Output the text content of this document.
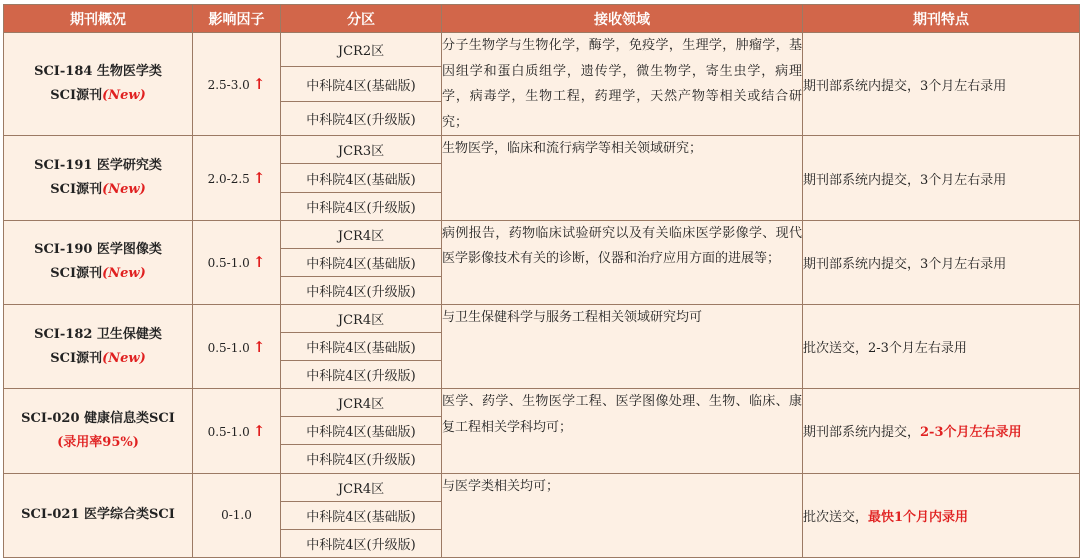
期刊概况	影响因子	分区	接收领域	期刊特点

SCI-184 生物医学类
SCI源刊(New)	2.5-3.0 ↑	JCR2区	分子生物学与生物化学，酶学，免疫学，生理学，肿瘤学，基因组学和蛋白质组学，遗传学，微生物学，寄生虫学，病理学，病毒学，生物工程，药理学，天然产物等相关或结合研究；	期刊部系统内提交，3个月左右录用
		中科院4区(基础版)		
		中科院4区(升级版)		

SCI-191 医学研究类
SCI源刊(New)	2.0-2.5 ↑	JCR3区	生物医学，临床和流行病学等相关领域研究；	期刊部系统内提交，3个月左右录用
		中科院4区(基础版)		
		中科院4区(升级版)		

SCI-190 医学图像类
SCI源刊(New)	0.5-1.0 ↑	JCR4区	病例报告，药物临床试验研究以及有关临床医学影像学、现代医学影像技术有关的诊断，仪器和治疗应用方面的进展等；	期刊部系统内提交，3个月左右录用
		中科院4区(基础版)		
		中科院4区(升级版)		

SCI-182 卫生保健类
SCI源刊(New)	0.5-1.0 ↑	JCR4区	与卫生保健科学与服务工程相关领域研究均可	批次送交，2-3个月左右录用
		中科院4区(基础版)		
		中科院4区(升级版)		

SCI-020 健康信息类SCI
(录用率95%)	0.5-1.0 ↑	JCR4区	医学、药学、生物医学工程、医学图像处理、生物、临床、康复工程相关学科均可；	期刊部系统内提交，2-3个月左右录用
		中科院4区(基础版)		
		中科院4区(升级版)		

SCI-021 医学综合类SCI	0-1.0	JCR4区	与医学类相关均可；	批次送交，最快1个月内录用
		中科院4区(基础版)		
		中科院4区(升级版)		
